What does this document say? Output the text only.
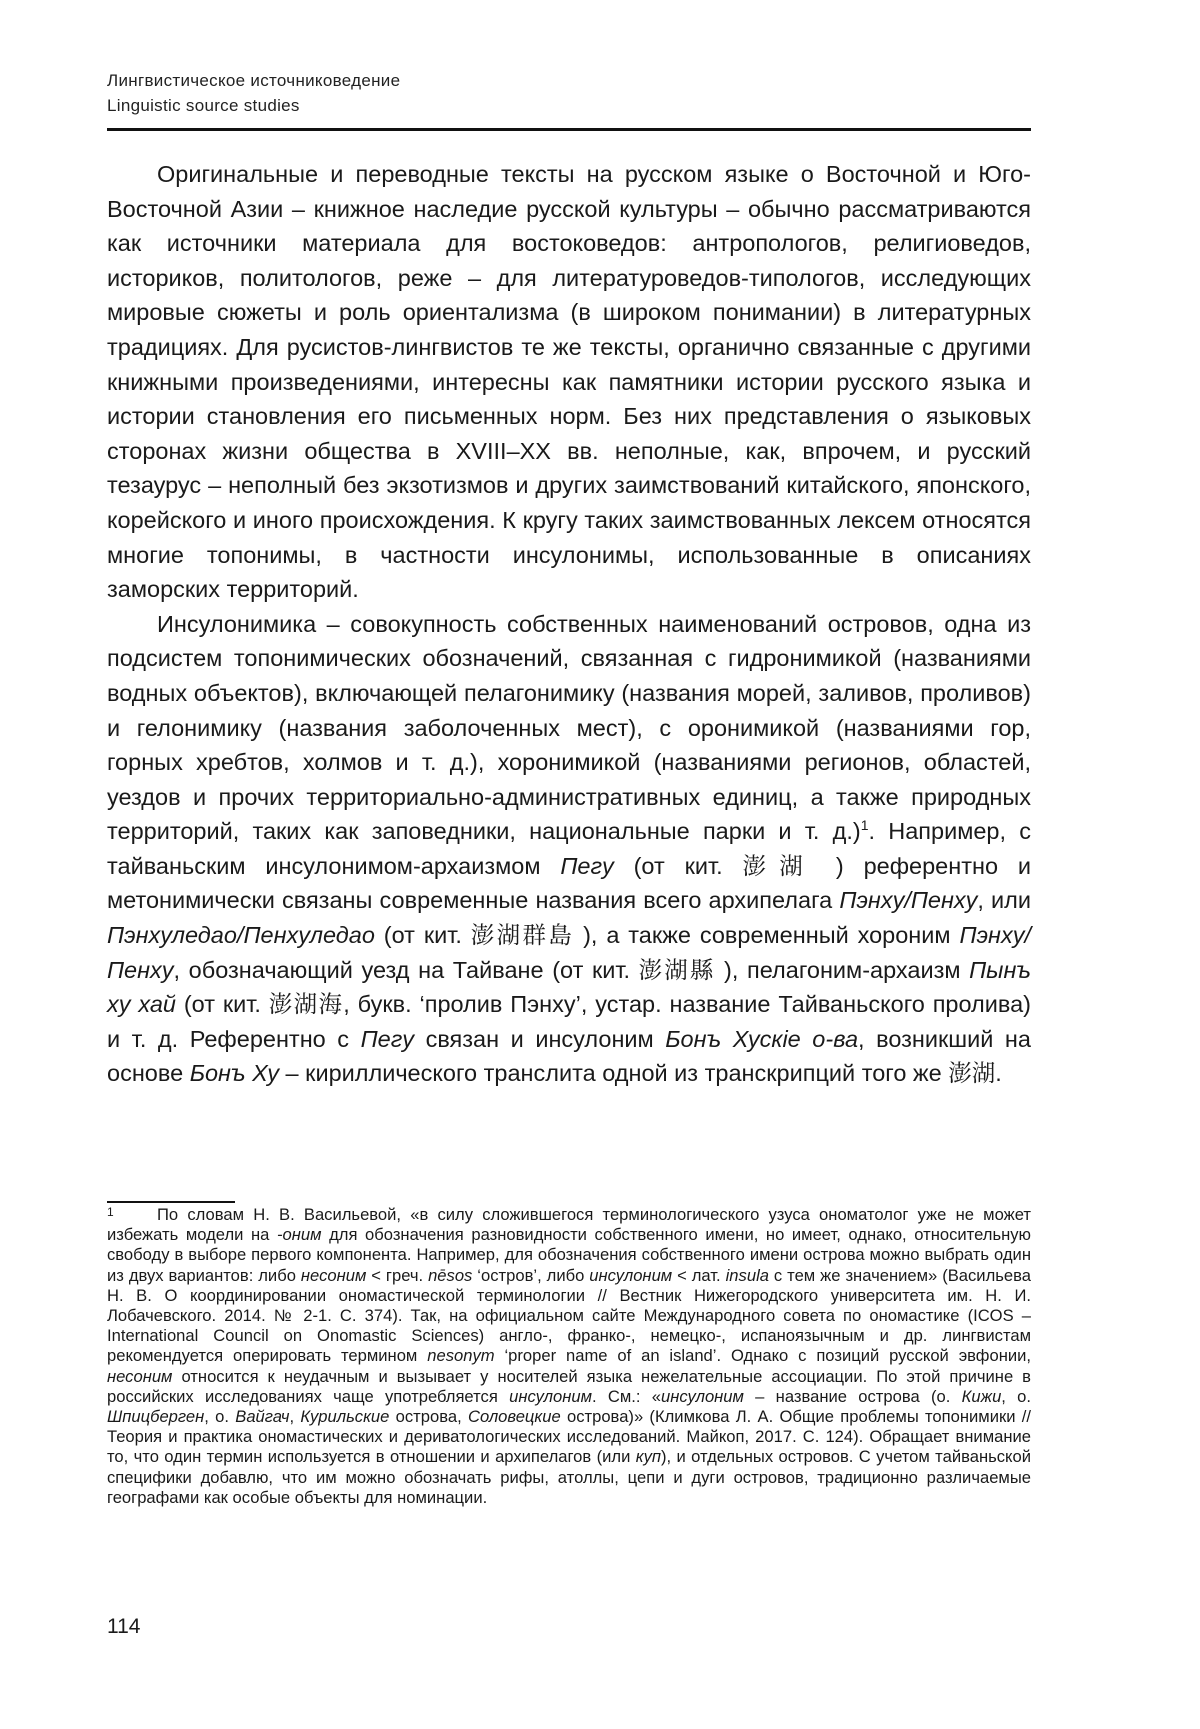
Лингвистическое источниковедение
Linguistic source studies

Оригинальные и переводные тексты на русском языке о Восточной и Юго-Восточной Азии – книжное наследие русской культуры – обычно рассматриваются как источники материала для востоковедов: антропологов, религиоведов, историков, политологов, реже – для литературоведов-типологов, исследующих мировые сюжеты и роль ориентализма (в широком понимании) в литературных традициях. Для русистов-лингвистов те же тексты, органично связанные с другими книжными произведениями, интересны как памятники истории русского языка и истории становления его письменных норм. Без них представления о языковых сторонах жизни общества в XVIII–XX вв. неполные, как, впрочем, и русский тезаурус – неполный без экзотизмов и других заимствований китайского, японского, корейского и иного происхождения. К кругу таких заимствованных лексем относятся многие топонимы, в частности инсулонимы, использованные в описаниях заморских территорий.

Инсулонимика – совокупность собственных наименований островов, одна из подсистем топонимических обозначений, связанная с гидронимикой (названиями водных объектов), включающей пелагонимику (названия морей, заливов, проливов) и гелонимику (названия заболоченных мест), с оронимикой (названиями гор, горных хребтов, холмов и т. д.), хоронимикой (названиями регионов, областей, уездов и прочих территориально-административных единиц, а также природных территорий, таких как заповедники, национальные парки и т. д.)$^1$. Например, с тайваньским инсулонимом-архаизмом Пегу (от кит. 澎湖 ) референтно и метонимически связаны современные названия всего архипелага Пэнху/Пенху, или Пэнхуледао/Пенхуледао (от кит. 澎湖群島 ), а также современный хороним Пэнху/Пенху, обозначающий уезд на Тайване (от кит. 澎湖縣 ), пелагоним-архаизм Пынъ ху хай (от кит. 澎湖海, букв. ‘пролив Пэнху’, устар. название Тайваньского пролива) и т. д. Референтно с Пегу связан и инсулоним Бонъ Хускiе о-ва, возникший на основе Бонъ Ху – кириллического транслита одной из транскрипций того же 澎湖.

1	По словам Н. В. Васильевой, «в силу сложившегося терминологического узуса ономатолог уже не может избежать модели на -оним для обозначения разновидности собственного имени, но имеет, однако, относительную свободу в выборе первого компонента. Например, для обозначения собственного имени острова можно выбрать один из двух вариантов: либо несоним < греч. nēsos ‘остров’, либо инсулоним < лат. insula с тем же значением» (Васильева Н. В. О координировании ономастической терминологии // Вестник Нижегородского университета им. Н. И. Лобачевского. 2014. № 2-1. С. 374). Так, на официальном сайте Международного совета по ономастике (ICOS – International Council on Onomastic Sciences) англо-, франко-, немецко-, испаноязычным и др. лингвистам рекомендуется оперировать термином nesonym ‘proper name of an island’. Однако с позиций русской эвфонии, несоним относится к неудачным и вызывает у носителей языка нежелательные ассоциации. По этой причине в российских исследованиях чаще употребляется инсулоним. См.: «инсулоним – название острова (о. Кижи, о. Шпицберген, о. Вайгач, Курильские острова, Соловецкие острова)» (Климкова Л. А. Общие проблемы топонимики // Теория и практика ономастических и дериватологических исследований. Майкоп, 2017. С. 124). Обращает внимание то, что один термин используется в отношении и архипелагов (или куп), и отдельных островов. С учетом тайваньской специфики добавлю, что им можно обозначать рифы, атоллы, цепи и дуги островов, традиционно различаемые географами как особые объекты для номинации.
114
